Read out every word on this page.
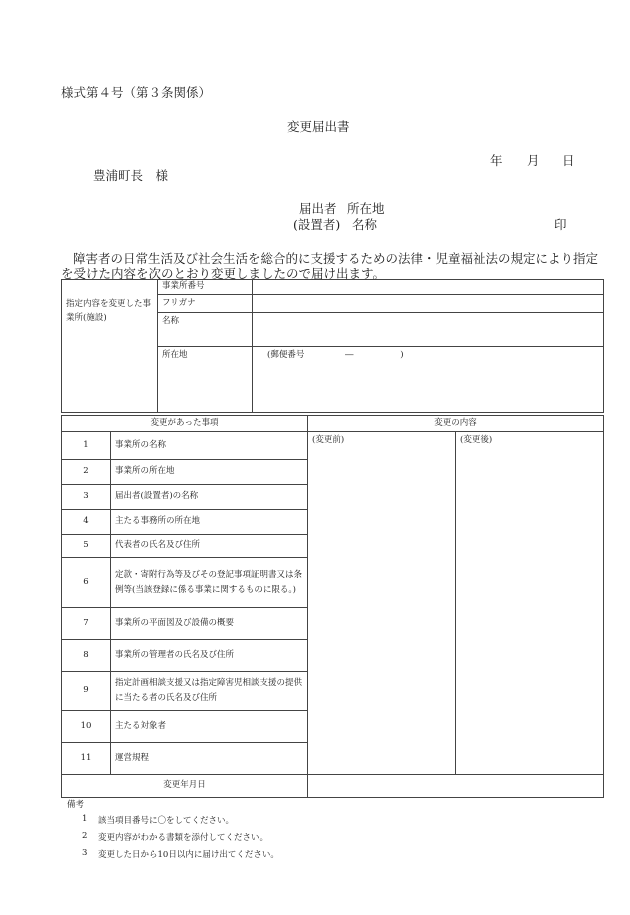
様式第４号（第３条関係）
変更届出書
年 月 日
豊浦町長　様
届出者 所在地
(設置者) 名称	印
障害者の日常生活及び社会生活を総合的に支援するための法律・児童福祉法の規定により指定
を受けた内容を次のとおり変更しましたので届け出ます。
指定内容を変更した事業所(施設)	事業所番号	
	フリガナ	
	名称	
	所在地	(郵便番号 ― )
変更があった事項		変更の内容	
1	事業所の名称	(変更前)	(変更後)
2	事業所の所在地		
3	届出者(設置者)の名称		
4	主たる事務所の所在地		
5	代表者の氏名及び住所		
6	定款・寄附行為等及びその登記事項証明書又は条例等(当該登録に係る事業に関するものに限る。)		
7	事業所の平面図及び設備の概要		
8	事業所の管理者の氏名及び住所		
9	指定計画相談支援又は指定障害児相談支援の提供に当たる者の氏名及び住所		
10	主たる対象者		
11	運営規程		
変更年月日			
備考
1 該当項目番号に〇をしてください。
2 変更内容がわかる書類を添付してください。
3 変更した日から10日以内に届け出てください。
